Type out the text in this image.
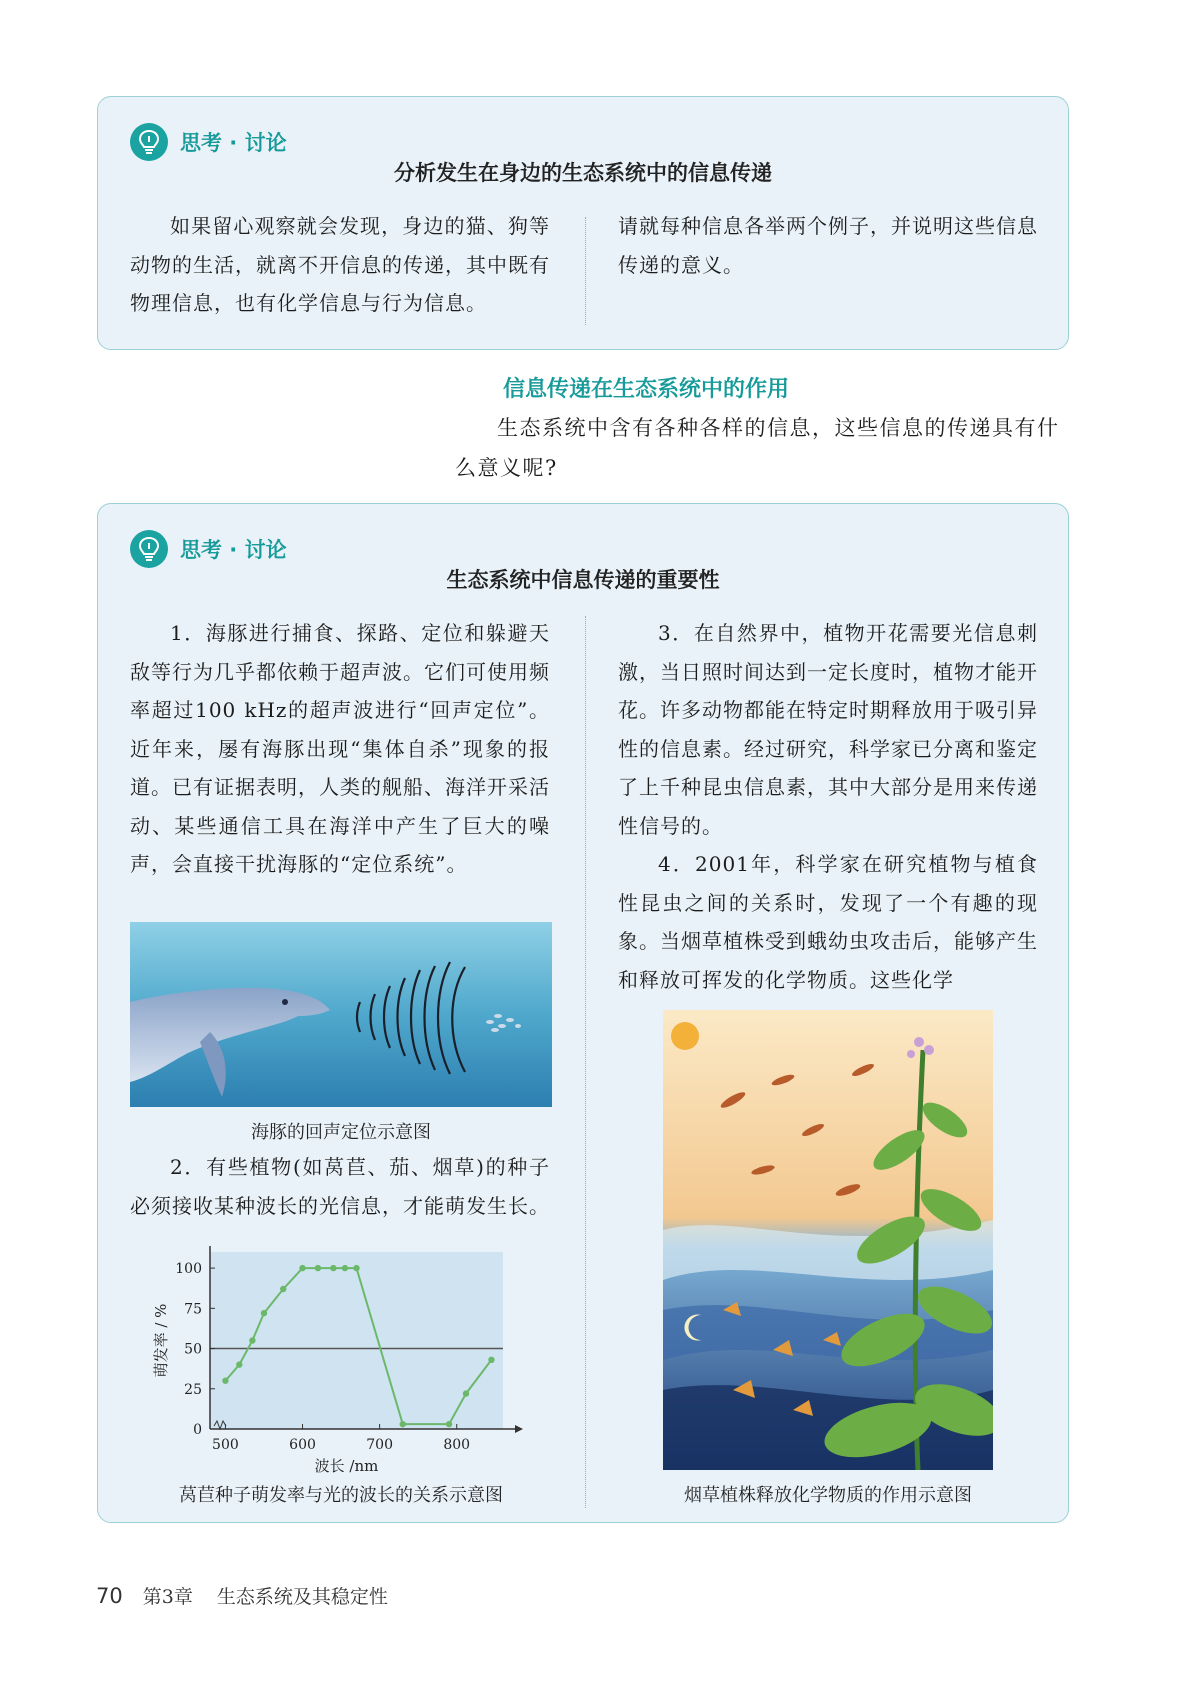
思考 · 讨论
分析发生在身边的生态系统中的信息传递

如果留心观察就会发现，身边的猫、狗等动物的生活，就离不开信息的传递，其中既有物理信息，也有化学信息与行为信息。

请就每种信息各举两个例子，并说明这些信息传递的意义。

信息传递在生态系统中的作用

生态系统中含有各种各样的信息，这些信息的传递具有什么意义呢?

思考 · 讨论
生态系统中信息传递的重要性

1．海豚进行捕食、探路、定位和躲避天敌等行为几乎都依赖于超声波。它们可使用频率超过100 kHz的超声波进行“回声定位”。近年来，屡有海豚出现“集体自杀”现象的报道。已有证据表明，人类的舰船、海洋开采活动、某些通信工具在海洋中产生了巨大的噪声，会直接干扰海豚的“定位系统”。

海豚的回声定位示意图

2．有些植物(如莴苣、茄、烟草)的种子必须接收某种波长的光信息，才能萌发生长。

0
25
50
75
100
500	600	700	800
波长 /nm
萌发率 / %
莴苣种子萌发率与光的波长的关系示意图

3．在自然界中，植物开花需要光信息刺激，当日照时间达到一定长度时，植物才能开花。许多动物都能在特定时期释放用于吸引异性的信息素。经过研究，科学家已分离和鉴定了上千种昆虫信息素，其中大部分是用来传递性信号的。

4．2001年，科学家在研究植物与植食性昆虫之间的关系时，发现了一个有趣的现象。当烟草植株受到蛾幼虫攻击后，能够产生和释放可挥发的化学物质。这些化学

烟草植株释放化学物质的作用示意图
70 第3章 生态系统及其稳定性
